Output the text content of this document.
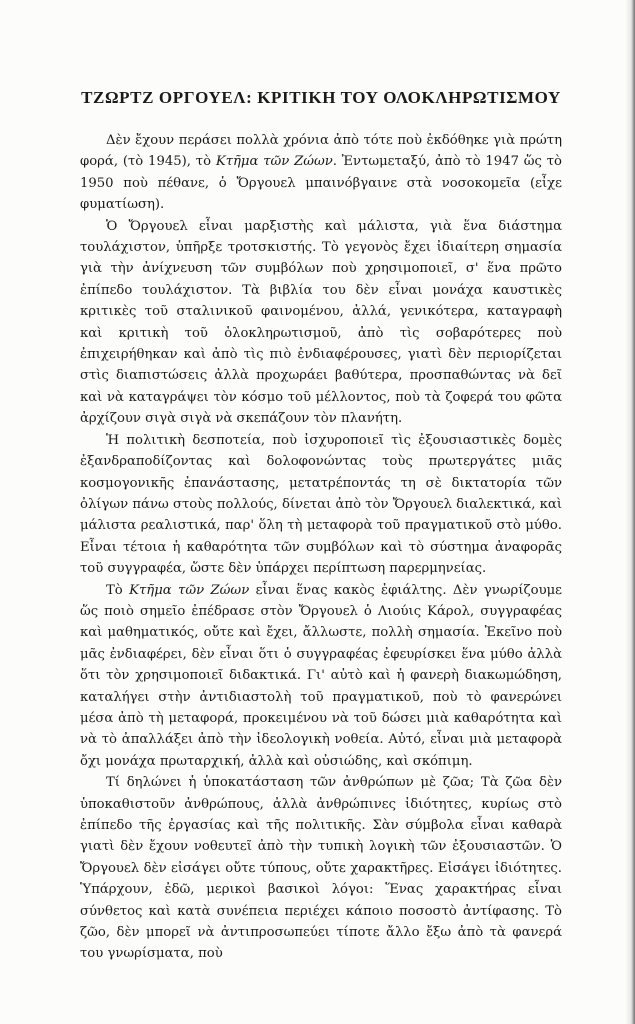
ΤΖΩΡΤΖ ΟΡΓΟΥΕΛ: ΚΡΙΤΙΚΗ ΤΟΥ ΟΛΟΚΛΗΡΩΤΙΣΜΟΥ

Δὲν ἔχουν περάσει πολλὰ χρόνια ἀπὸ τότε ποὺ ἐκδόθηκε γιὰ πρώτη φορά, (τὸ 1945), τὸ Κτῆμα τῶν Ζώων. Ἐντωμεταξύ, ἀπὸ τὸ 1947 ὥς τὸ 1950 ποὺ πέθανε, ὁ Ὄργουελ μπαινόβγαινε στὰ νοσοκομεῖα (εἶχε φυματίωση).

Ὁ Ὄργουελ εἶναι μαρξιστὴς καὶ μάλιστα, γιὰ ἕνα διάστημα τουλάχιστον, ὑπῆρξε τροτσκιστής. Τὸ γεγονὸς ἔχει ἰδιαίτερη σημασία γιὰ τὴν ἀνίχνευση τῶν συμβόλων ποὺ χρησιμοποιεῖ, σ' ἕνα πρῶτο ἐπίπεδο τουλάχιστον. Τὰ βιβλία του δὲν εἶναι μονάχα καυστικὲς κριτικὲς τοῦ σταλινικοῦ φαινομένου, ἀλλά, γενικότερα, καταγραφὴ καὶ κριτικὴ τοῦ ὁλοκληρωτισμοῦ, ἀπὸ τὶς σοβαρότερες ποὺ ἐπιχειρήθηκαν καὶ ἀπὸ τὶς πιὸ ἐνδιαφέρουσες, γιατὶ δὲν περιορίζεται στὶς διαπιστώσεις ἀλλὰ προχωράει βαθύτερα, προσπαθώντας νὰ δεῖ καὶ νὰ καταγράψει τὸν κόσμο τοῦ μέλλοντος, ποὺ τὰ ζοφερά του φῶτα ἀρχίζουν σιγὰ σιγὰ νὰ σκεπάζουν τὸν πλανήτη.

Ἡ πολιτικὴ δεσποτεία, ποὺ ἰσχυροποιεῖ τὶς ἐξουσιαστικὲς δομὲς ἐξανδραποδίζοντας καὶ δολοφονώντας τοὺς πρωτεργάτες μιᾶς κοσμογονικῆς ἐπανάστασης, μετατρέποντάς τη σὲ δικτατορία τῶν ὀλίγων πάνω στοὺς πολλούς, δίνεται ἀπὸ τὸν Ὄργουελ διαλεκτικά, καὶ μάλιστα ρεαλιστικά, παρ' ὅλη τὴ μεταφορὰ τοῦ πραγματικοῦ στὸ μύθο. Εἶναι τέτοια ἡ καθαρότητα τῶν συμβόλων καὶ τὸ σύστημα ἀναφορᾶς τοῦ συγγραφέα, ὥστε δὲν ὑπάρχει περίπτωση παρερμηνείας.

Τὸ Κτῆμα τῶν Ζώων εἶναι ἕνας κακὸς ἐφιάλτης. Δὲν γνωρίζουμε ὥς ποιὸ σημεῖο ἐπέδρασε στὸν Ὄργουελ ὁ Λιούις Κάρολ, συγγραφέας καὶ μαθηματικός, οὔτε καὶ ἔχει, ἄλλωστε, πολλὴ σημασία. Ἐκεῖνο ποὺ μᾶς ἐνδιαφέρει, δὲν εἶναι ὅτι ὁ συγγραφέας ἐφευρίσκει ἕνα μύθο ἀλλὰ ὅτι τὸν χρησιμοποιεῖ διδακτικά. Γι' αὐτὸ καὶ ἡ φανερὴ διακωμώδηση, καταλήγει στὴν ἀντιδιαστολὴ τοῦ πραγματικοῦ, ποὺ τὸ φανερώνει μέσα ἀπὸ τὴ μεταφορά, προκειμένου νὰ τοῦ δώσει μιὰ καθαρότητα καὶ νὰ τὸ ἀπαλλάξει ἀπὸ τὴν ἰδεολογικὴ νοθεία. Αὐτό, εἶναι μιὰ μεταφορὰ ὄχι μονάχα πρωταρχική, ἀλλὰ καὶ οὐσιώδης, καὶ σκόπιμη.

Τί δηλώνει ἡ ὑποκατάσταση τῶν ἀνθρώπων μὲ ζῶα; Τὰ ζῶα δὲν ὑποκαθιστοῦν ἀνθρώπους, ἀλλὰ ἀνθρώπινες ἰδιότητες, κυρίως στὸ ἐπίπεδο τῆς ἐργασίας καὶ τῆς πολιτικῆς. Σὰν σύμβολα εἶναι καθαρὰ γιατὶ δὲν ἔχουν νοθευτεῖ ἀπὸ τὴν τυπικὴ λογικὴ τῶν ἐξουσιαστῶν. Ὁ Ὄργουελ δὲν εἰσάγει οὔτε τύπους, οὔτε χαρακτῆρες. Εἰσάγει ἰδιότητες. Ὑπάρχουν, ἐδῶ, μερικοὶ βασικοὶ λόγοι: Ἕνας χαρακτήρας εἶναι σύνθετος καὶ κατὰ συνέπεια περιέχει κάποιο ποσοστὸ ἀντίφασης. Τὸ ζῶο, δὲν μπορεῖ νὰ ἀντιπροσωπεύει τίποτε ἄλλο ἔξω ἀπὸ τὰ φανερά του γνωρίσματα, ποὺ
